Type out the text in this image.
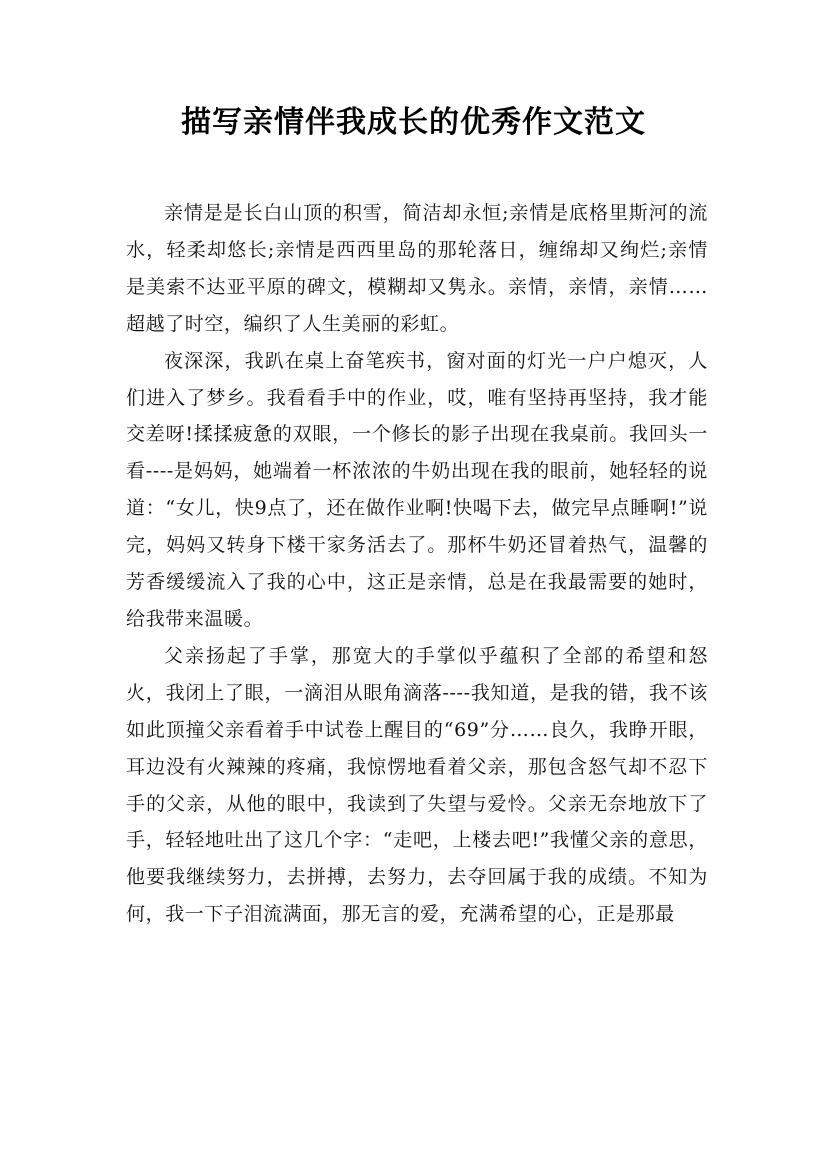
描写亲情伴我成长的优秀作文范文

亲情是是长白山顶的积雪，简洁却永恒;亲情是底格里斯河的流水，轻柔却悠长;亲情是西西里岛的那轮落日，缠绵却又绚烂;亲情是美索不达亚平原的碑文，模糊却又隽永。亲情，亲情，亲情……超越了时空，编织了人生美丽的彩虹。

夜深深，我趴在桌上奋笔疾书，窗对面的灯光一户户熄灭，人们进入了梦乡。我看看手中的作业，哎，唯有坚持再坚持，我才能交差呀!揉揉疲惫的双眼，一个修长的影子出现在我桌前。我回头一看----是妈妈，她端着一杯浓浓的牛奶出现在我的眼前，她轻轻的说道：“女儿，快9点了，还在做作业啊!快喝下去，做完早点睡啊!”说完，妈妈又转身下楼干家务活去了。那杯牛奶还冒着热气，温馨的芳香缓缓流入了我的心中，这正是亲情，总是在我最需要的她时，给我带来温暖。

父亲扬起了手掌，那宽大的手掌似乎蕴积了全部的希望和怒火，我闭上了眼，一滴泪从眼角滴落----我知道，是我的错，我不该如此顶撞父亲看着手中试卷上醒目的“69”分……良久，我睁开眼，耳边没有火辣辣的疼痛，我惊愣地看着父亲，那包含怒气却不忍下手的父亲，从他的眼中，我读到了失望与爱怜。父亲无奈地放下了手，轻轻地吐出了这几个字：“走吧，上楼去吧!”我懂父亲的意思，他要我继续努力，去拼搏，去努力，去夺回属于我的成绩。不知为何，我一下子泪流满面，那无言的爱，充满希望的心，正是那最
